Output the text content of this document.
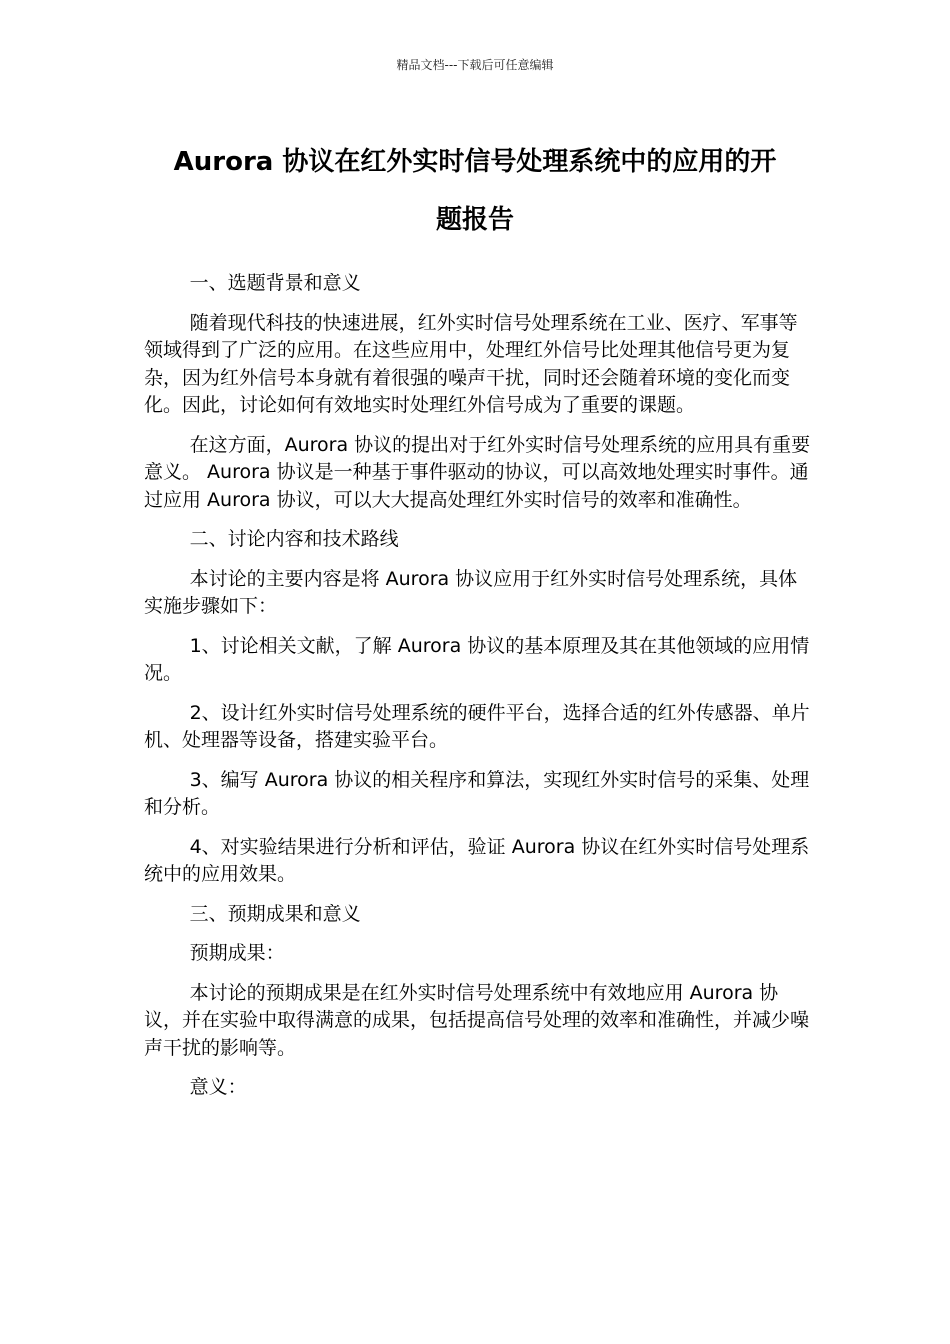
精品文档---下载后可任意编辑
Aurora 协议在红外实时信号处理系统中的应用的开
题报告

一、选题背景和意义

随着现代科技的快速进展，红外实时信号处理系统在工业、医疗、军事等领域得到了广泛的应用。在这些应用中，处理红外信号比处理其他信号更为复杂，因为红外信号本身就有着很强的噪声干扰，同时还会随着环境的变化而变化。因此，讨论如何有效地实时处理红外信号成为了重要的课题。

在这方面，Aurora 协议的提出对于红外实时信号处理系统的应用具有重要意义。 Aurora 协议是一种基于事件驱动的协议，可以高效地处理实时事件。通过应用 Aurora 协议，可以大大提高处理红外实时信号的效率和准确性。

二、讨论内容和技术路线

本讨论的主要内容是将 Aurora 协议应用于红外实时信号处理系统，具体实施步骤如下：

1、讨论相关文献，了解 Aurora 协议的基本原理及其在其他领域的应用情况。

2、设计红外实时信号处理系统的硬件平台，选择合适的红外传感器、单片机、处理器等设备，搭建实验平台。

3、编写 Aurora 协议的相关程序和算法，实现红外实时信号的采集、处理和分析。

4、对实验结果进行分析和评估，验证 Aurora 协议在红外实时信号处理系统中的应用效果。

三、预期成果和意义

预期成果：

本讨论的预期成果是在红外实时信号处理系统中有效地应用 Aurora 协议，并在实验中取得满意的成果，包括提高信号处理的效率和准确性，并减少噪声干扰的影响等。

意义：
